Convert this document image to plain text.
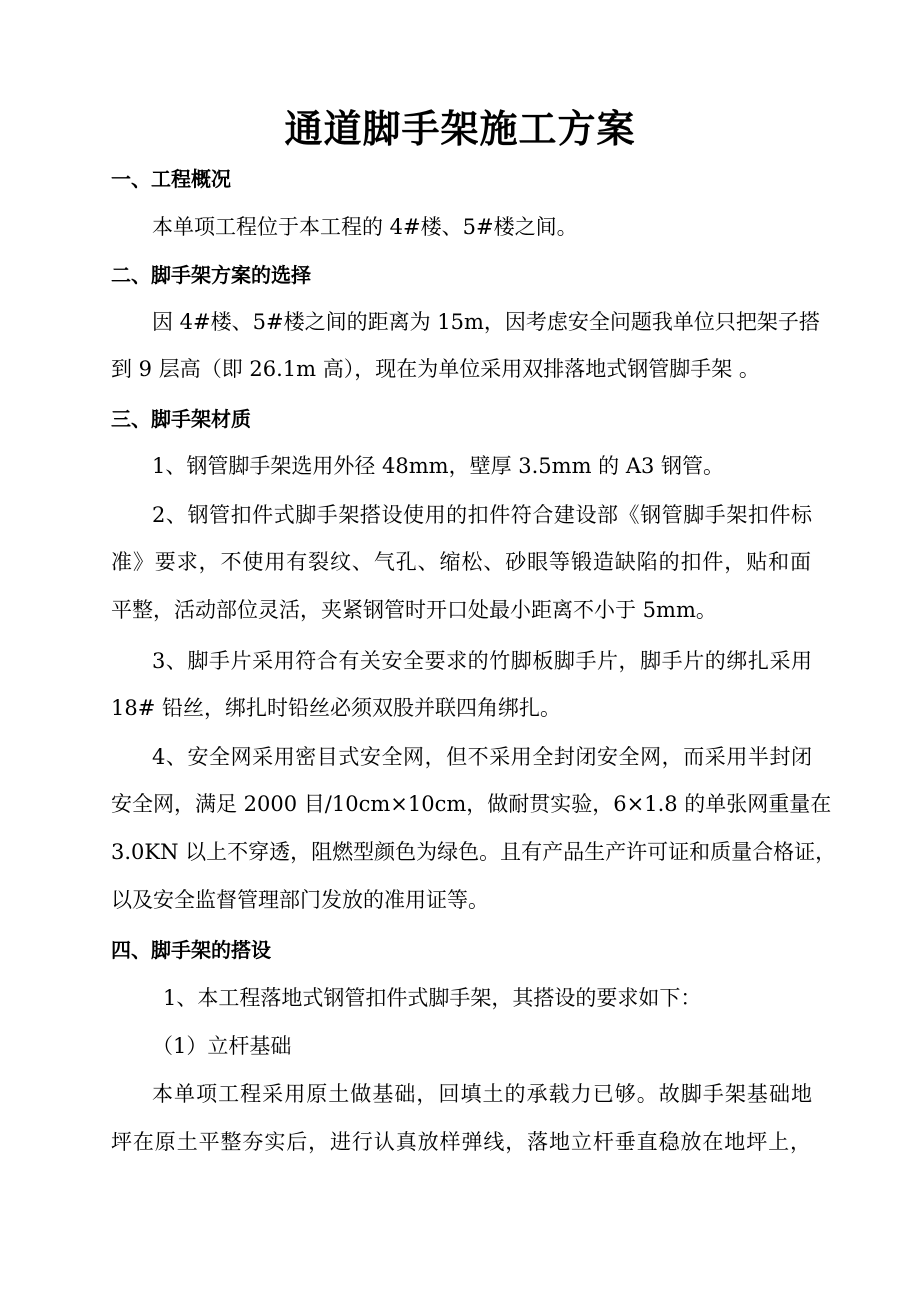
通道脚手架施工方案
一、工程概况
本单项工程位于本工程的 4#楼、5#楼之间。
二、脚手架方案的选择
因 4#楼、5#楼之间的距离为 15m，因考虑安全问题我单位只把架子搭
到 9 层高（即 26.1m 高），现在为单位采用双排落地式钢管脚手架 。
三、脚手架材质
1、钢管脚手架选用外径 48mm，壁厚 3.5mm 的 A3 钢管。
2、钢管扣件式脚手架搭设使用的扣件符合建设部《钢管脚手架扣件标
准》要求，不使用有裂纹、气孔、缩松、砂眼等锻造缺陷的扣件，贴和面
平整，活动部位灵活，夹紧钢管时开口处最小距离不小于 5mm。
3、脚手片采用符合有关安全要求的竹脚板脚手片，脚手片的绑扎采用
18# 铅丝，绑扎时铅丝必须双股并联四角绑扎。
4、安全网采用密目式安全网，但不采用全封闭安全网，而采用半封闭
安全网，满足 2000 目/10cm×10cm，做耐贯实验，6×1.8 的单张网重量在
3.0KN 以上不穿透，阻燃型颜色为绿色。且有产品生产许可证和质量合格证，
以及安全监督管理部门发放的准用证等。
四、脚手架的搭设
1、本工程落地式钢管扣件式脚手架，其搭设的要求如下：
（1）立杆基础
本单项工程采用原土做基础，回填土的承载力已够。故脚手架基础地
坪在原土平整夯实后，进行认真放样弹线，落地立杆垂直稳放在地坪上，
